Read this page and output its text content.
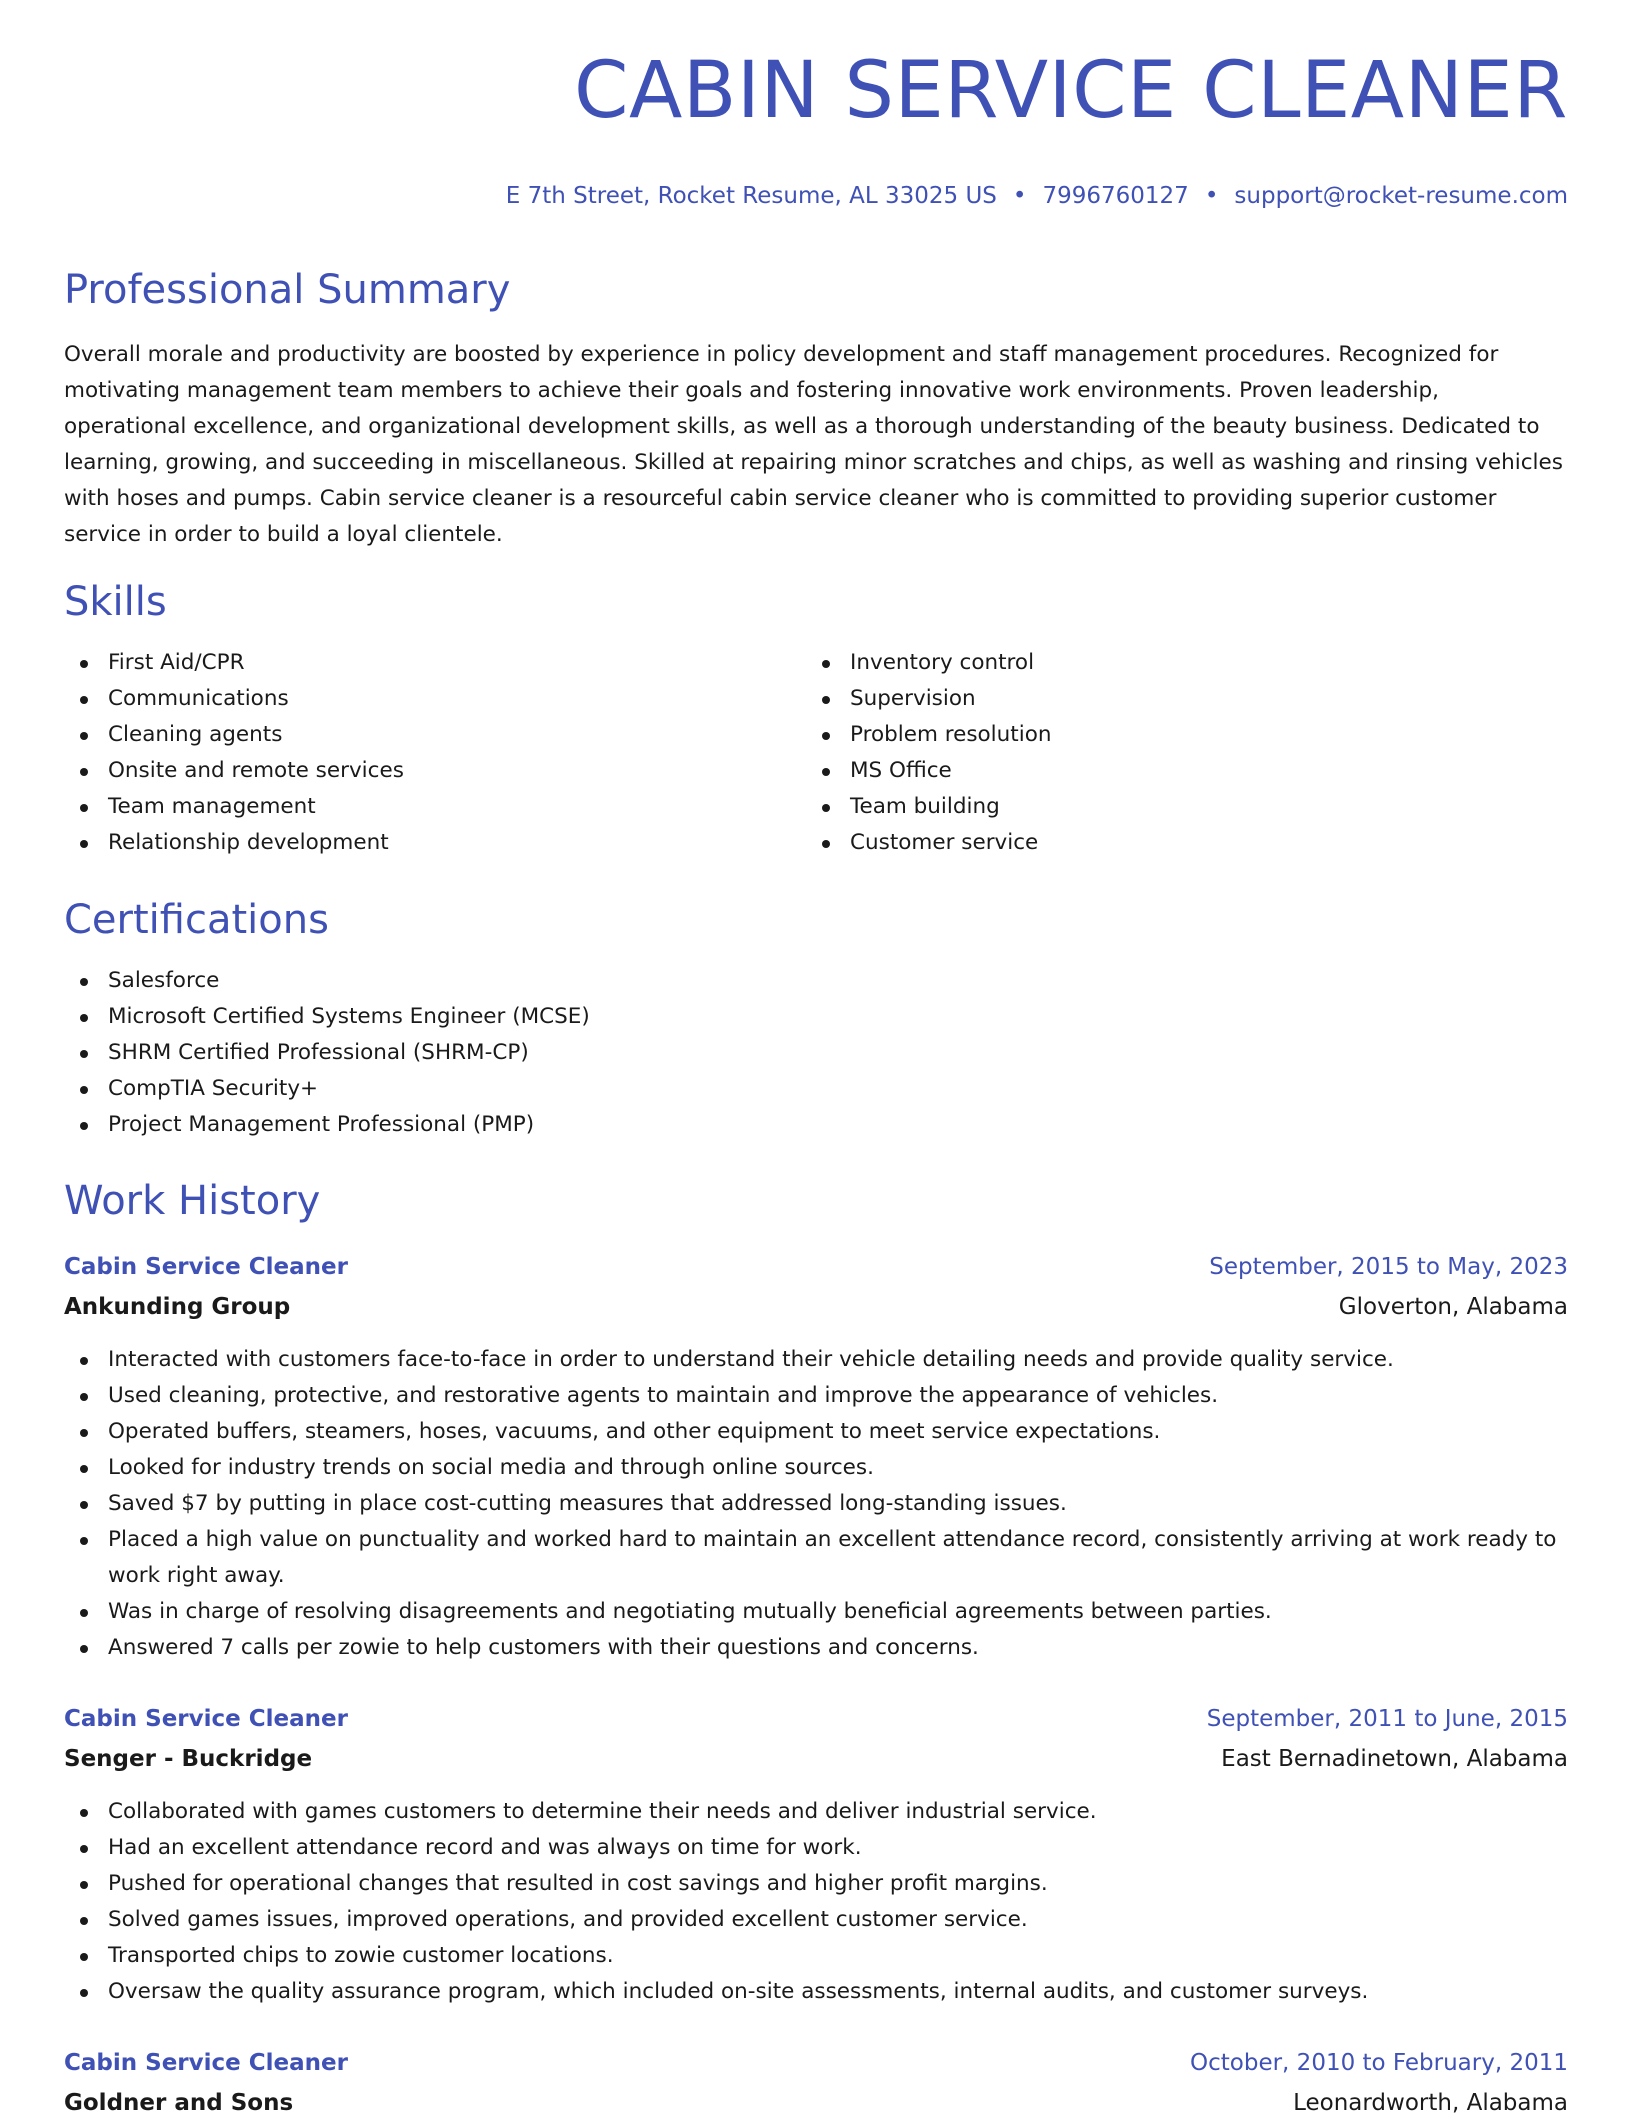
CABIN SERVICE CLEANER
E 7th Street, Rocket Resume, AL 33025 US • 7996760127 • support@rocket-resume.com
Professional Summary

Overall morale and productivity are boosted by experience in policy development and staff management procedures. Recognized for motivating management team members to achieve their goals and fostering innovative work environments. Proven leadership, operational excellence, and organizational development skills, as well as a thorough understanding of the beauty business. Dedicated to learning, growing, and succeeding in miscellaneous. Skilled at repairing minor scratches and chips, as well as washing and rinsing vehicles with hoses and pumps. Cabin service cleaner is a resourceful cabin service cleaner who is committed to providing superior customer service in order to build a loyal clientele.

Skills
First Aid/CPR
Communications
Cleaning agents
Onsite and remote services
Team management
Relationship development
Inventory control
Supervision
Problem resolution
MS Office
Team building
Customer service
Certifications
Salesforce
Microsoft Certified Systems Engineer (MCSE)
SHRM Certified Professional (SHRM-CP)
CompTIA Security+
Project Management Professional (PMP)
Work History
Cabin Service Cleaner	September, 2015 to May, 2023
Ankunding Group	Gloverton, Alabama
Interacted with customers face-to-face in order to understand their vehicle detailing needs and provide quality service.
Used cleaning, protective, and restorative agents to maintain and improve the appearance of vehicles.
Operated buffers, steamers, hoses, vacuums, and other equipment to meet service expectations.
Looked for industry trends on social media and through online sources.
Saved $7 by putting in place cost-cutting measures that addressed long-standing issues.
Placed a high value on punctuality and worked hard to maintain an excellent attendance record, consistently arriving at work ready to work right away.
Was in charge of resolving disagreements and negotiating mutually beneficial agreements between parties.
Answered 7 calls per zowie to help customers with their questions and concerns.
Cabin Service Cleaner	September, 2011 to June, 2015
Senger - Buckridge	East Bernadinetown, Alabama
Collaborated with games customers to determine their needs and deliver industrial service.
Had an excellent attendance record and was always on time for work.
Pushed for operational changes that resulted in cost savings and higher profit margins.
Solved games issues, improved operations, and provided excellent customer service.
Transported chips to zowie customer locations.
Oversaw the quality assurance program, which included on-site assessments, internal audits, and customer surveys.
Cabin Service Cleaner	October, 2010 to February, 2011
Goldner and Sons	Leonardworth, Alabama
